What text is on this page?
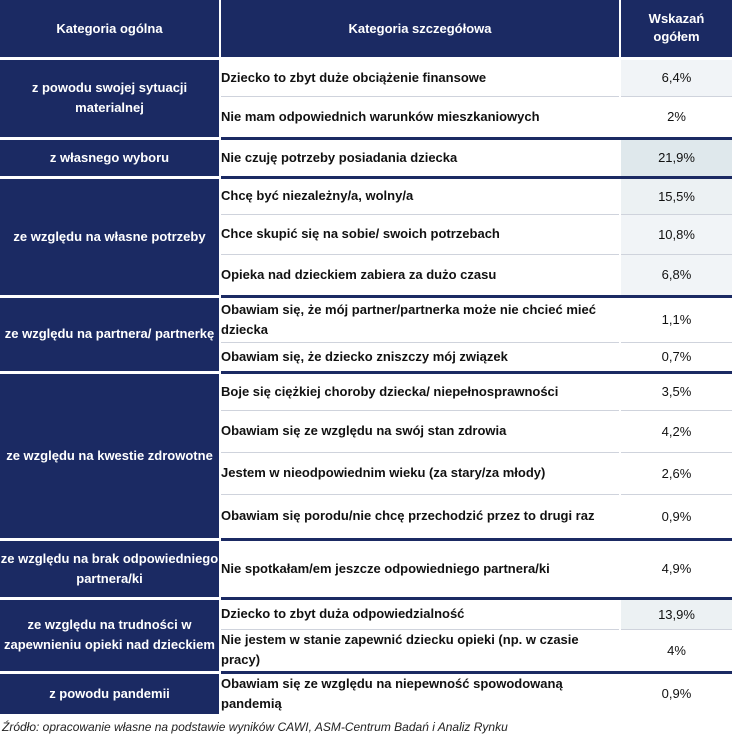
Kategoria ogólna	Kategoria szczegółowa	Wskazań
ogółem
z powodu swojej sytuacji materialnej	Dziecko to zbyt duże obciążenie finansowe	6,4%
	Nie mam odpowiednich warunków mieszkaniowych	2%
z własnego wyboru	Nie czuję potrzeby posiadania dziecka	21,9%
ze względu na własne potrzeby	Chcę być niezależny/a, wolny/a	15,5%
	Chce skupić się na sobie/ swoich potrzebach	10,8%
	Opieka nad dzieckiem zabiera za dużo czasu	6,8%
ze względu na partnera/ partnerkę	Obawiam się, że mój partner/partnerka może nie chcieć mieć dziecka	1,1%
	Obawiam się, że dziecko zniszczy mój związek	0,7%
ze względu na kwestie zdrowotne	Boje się ciężkiej choroby dziecka/ niepełnosprawności	3,5%
	Obawiam się ze względu na swój stan zdrowia	4,2%
	Jestem w nieodpowiednim wieku (za stary/za młody)	2,6%
	Obawiam się porodu/nie chcę przechodzić przez to drugi raz	0,9%
ze względu na brak odpowiedniego partnera/ki	Nie spotkałam/em jeszcze odpowiedniego partnera/ki	4,9%
ze względu na trudności w zapewnieniu opieki nad dzieckiem	Dziecko to zbyt duża odpowiedzialność	13,9%
	Nie jestem w stanie zapewnić dziecku opieki (np. w czasie pracy)	4%
z powodu pandemii	Obawiam się ze względu na niepewność spowodowaną pandemią	0,9%
Źródło: opracowanie własne na podstawie wyników CAWI, ASM-Centrum Badań i Analiz Rynku
